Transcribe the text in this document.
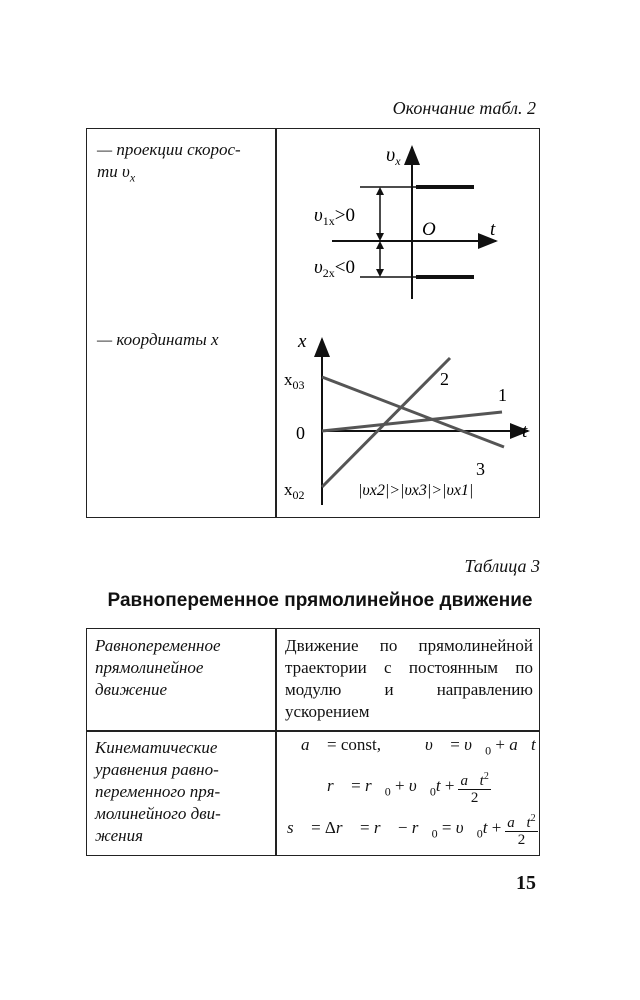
Окончание табл. 2
— проекции скорос-
ти $\upsilon_x$
— координаты x
$\upsilon_x$
t
O
$\upsilon_{1x}>0$
$\upsilon_{2x}<0$
x
t
$x_{03}$
0
$x_{02}$
1
2
3
|υx2|>|υx3|>|υx1|
Таблица 3
Равнопеременное прямолинейное движение
Равнопеременное
прямолинейное
движение
Движение по прямолинейной траектории с постоянным по модулю и направлению ускорением
Кинематические
уравнения равно-
переменного пря-
молинейного дви-
жения
a⃗ = const,	υ⃗ = $\upsilon⃗_0$ + a⃗t
r⃗ = $r⃗_0$ + $\upsilon⃗_0t + \frac{a⃗t^2}{2}$
s⃗ = Δr⃗ = r⃗ − $r⃗_0$ = $\upsilon⃗_0t + \frac{a⃗t^2}{2}$
15
